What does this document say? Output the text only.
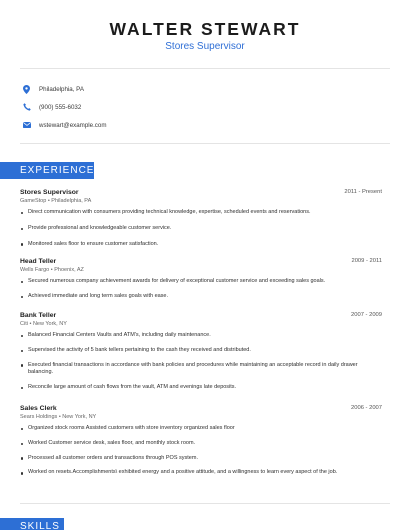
WALTER STEWART
Stores Supervisor
Philadelphia, PA
(900) 555-6032
wstewart@example.com
EXPERIENCE
Stores Supervisor	2011 - Present
GameStop • Philadelphia, PA
Direct communication with consumers providing technical knowledge, expertise, scheduled events and reservations.
Provide professional and knowledgeable customer service.
Monitored sales floor to ensure customer satisfaction.
Head Teller	2009 - 2011
Wells Fargo • Phoenix, AZ
Secured numerous company achievement awards for delivery of exceptional customer service and exceeding sales goals.
Achieved immediate and long term sales goals with ease.
Bank Teller	2007 - 2009
Citi • New York, NY
Balanced Financial Centers Vaults and ATM's, including daily maintenance.
Supervised the activity of 5 bank tellers pertaining to the cash they received and distributed.
Executed financial transactions in accordance with bank policies and procedures while maintaining an acceptable record in daily drawer balancing.
Reconcile large amount of cash flows from the vault, ATM and evenings late deposits.
Sales Clerk	2006 - 2007
Sears Holdings • New York, NY
Organized stock rooms Assisted customers with store inventory organized sales floor
Worked Customer service desk, sales floor, and monthly stock room.
Processed all customer orders and transactions through POS system.
Worked on resets.Accomplishments\ exhibited energy and a positive attitude, and a willingness to learn every aspect of the job.
SKILLS
